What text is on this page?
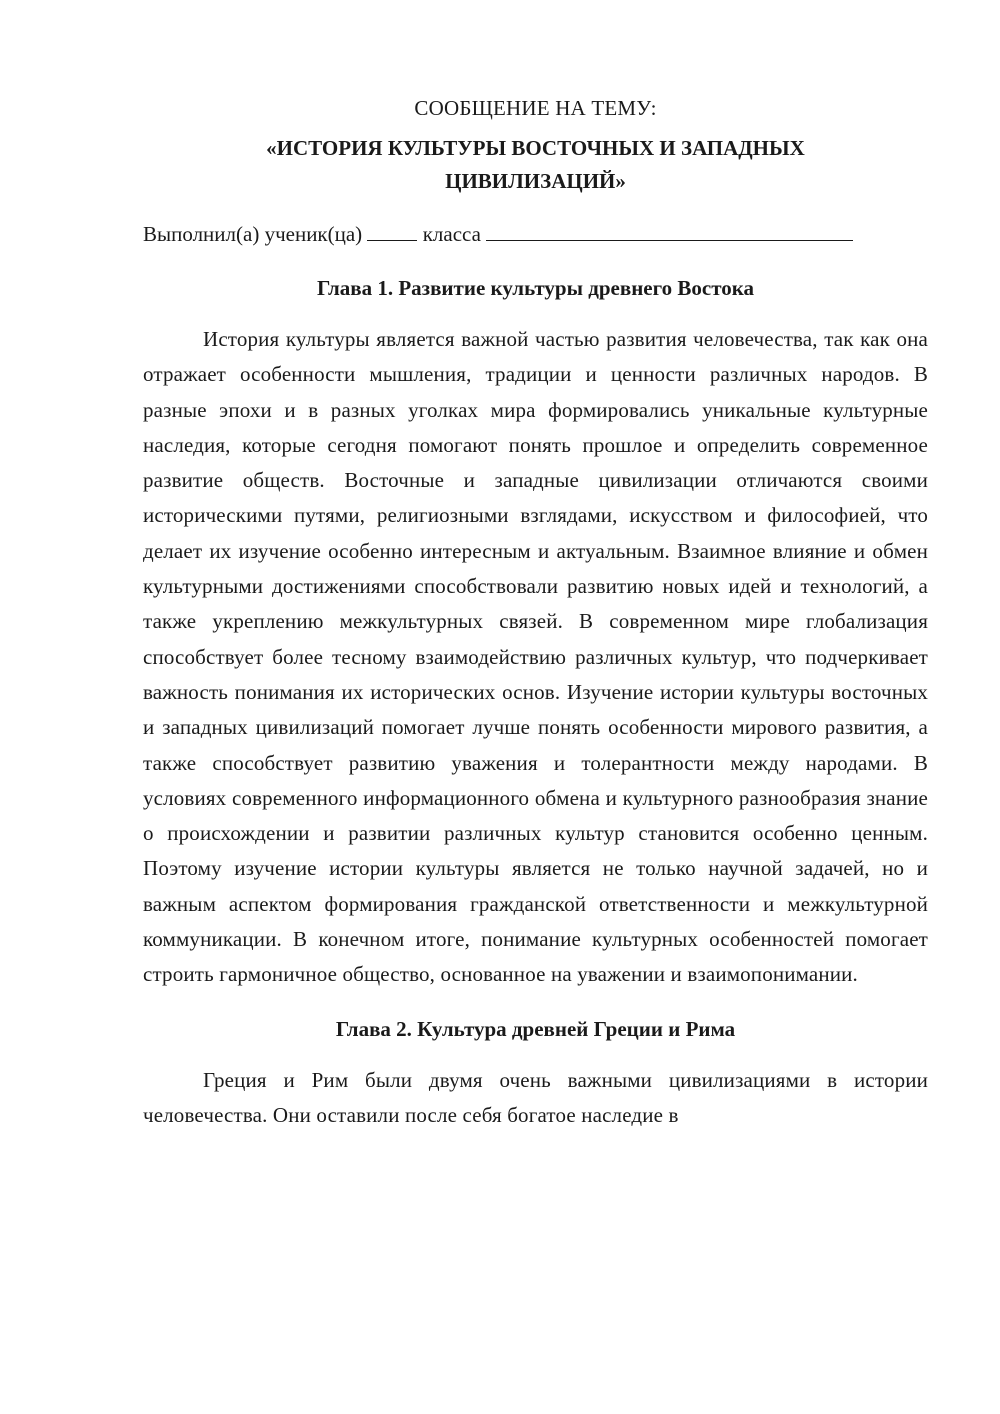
СООБЩЕНИЕ НА ТЕМУ:

«ИСТОРИЯ КУЛЬТУРЫ ВОСТОЧНЫХ И ЗАПАДНЫХ ЦИВИЛИЗАЦИЙ»

Выполнил(а) ученик(ца)	класса

Глава 1. Развитие культуры древнего Востока

История культуры является важной частью развития человечества, так как она отражает особенности мышления, традиции и ценности различных народов. В разные эпохи и в разных уголках мира формировались уникальные культурные наследия, которые сегодня помогают понять прошлое и определить современное развитие обществ. Восточные и западные цивилизации отличаются своими историческими путями, религиозными взглядами, искусством и философией, что делает их изучение особенно интересным и актуальным. Взаимное влияние и обмен культурными достижениями способствовали развитию новых идей и технологий, а также укреплению межкультурных связей. В современном мире глобализация способствует более тесному взаимодействию различных культур, что подчеркивает важность понимания их исторических основ. Изучение истории культуры восточных и западных цивилизаций помогает лучше понять особенности мирового развития, а также способствует развитию уважения и толерантности между народами. В условиях современного информационного обмена и культурного разнообразия знание о происхождении и развитии различных культур становится особенно ценным. Поэтому изучение истории культуры является не только научной задачей, но и важным аспектом формирования гражданской ответственности и межкультурной коммуникации. В конечном итоге, понимание культурных особенностей помогает строить гармоничное общество, основанное на уважении и взаимопонимании.

Глава 2. Культура древней Греции и Рима

Греция и Рим были двумя очень важными цивилизациями в истории человечества. Они оставили после себя богатое наследие в
